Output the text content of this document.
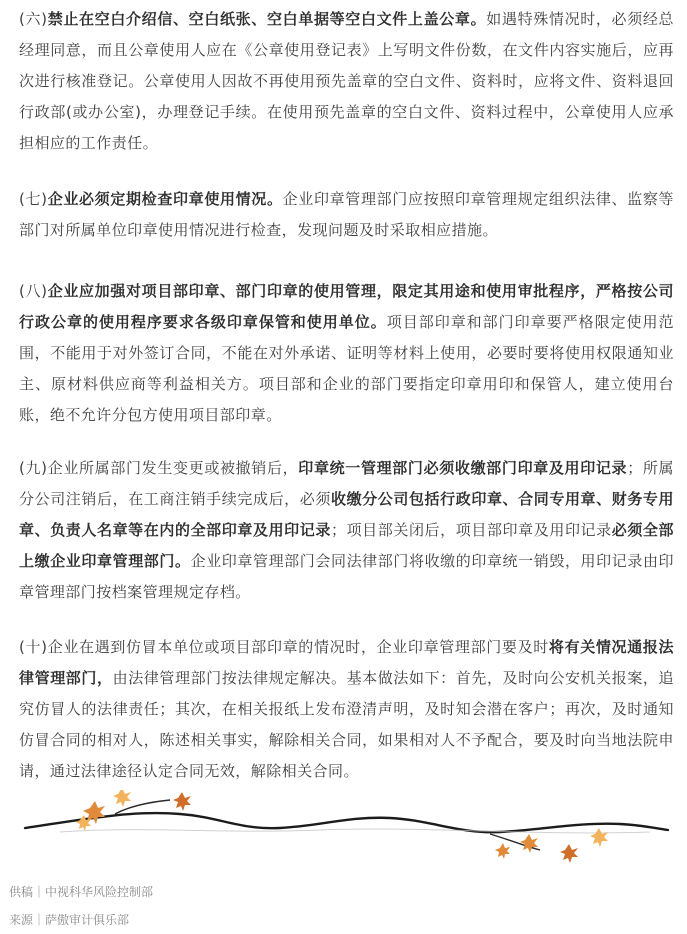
(六)禁止在空白介绍信、空白纸张、空白单据等空白文件上盖公章。如遇特殊情况时，必须经总经理同意，而且公章使用人应在《公章使用登记表》上写明文件份数，在文件内容实施后，应再次进行核准登记。公章使用人因故不再使用预先盖章的空白文件、资料时，应将文件、资料退回行政部(或办公室)，办理登记手续。在使用预先盖章的空白文件、资料过程中，公章使用人应承担相应的工作责任。

(七)企业必须定期检查印章使用情况。企业印章管理部门应按照印章管理规定组织法律、监察等部门对所属单位印章使用情况进行检查，发现问题及时采取相应措施。

(八)企业应加强对项目部印章、部门印章的使用管理，限定其用途和使用审批程序，严格按公司行政公章的使用程序要求各级印章保管和使用单位。项目部印章和部门印章要严格限定使用范围，不能用于对外签订合同，不能在对外承诺、证明等材料上使用，必要时要将使用权限通知业主、原材料供应商等利益相关方。项目部和企业的部门要指定印章用印和保管人，建立使用台账，绝不允许分包方使用项目部印章。

(九)企业所属部门发生变更或被撤销后，印章统一管理部门必须收缴部门印章及用印记录；所属分公司注销后，在工商注销手续完成后，必须收缴分公司包括行政印章、合同专用章、财务专用章、负责人名章等在内的全部印章及用印记录；项目部关闭后，项目部印章及用印记录必须全部上缴企业印章管理部门。企业印章管理部门会同法律部门将收缴的印章统一销毁，用印记录由印章管理部门按档案管理规定存档。

(十)企业在遇到仿冒本单位或项目部印章的情况时，企业印章管理部门要及时将有关情况通报法律管理部门，由法律管理部门按法律规定解决。基本做法如下：首先，及时向公安机关报案，追究仿冒人的法律责任；其次，在相关报纸上发布澄清声明，及时知会潜在客户；再次，及时通知仿冒合同的相对人，陈述相关事实，解除相关合同，如果相对人不予配合，要及时向当地法院申请，通过法律途径认定合同无效，解除相关合同。

供稿｜中视科华风险控制部

来源｜萨傲审计俱乐部
